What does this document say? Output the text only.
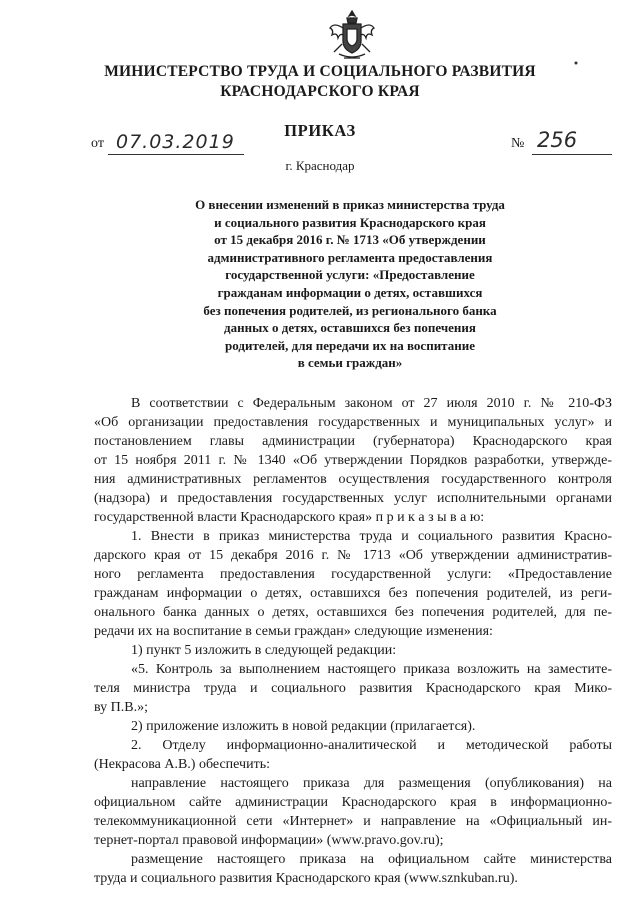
МИНИСТЕРСТВО ТРУДА И СОЦИАЛЬНОГО РАЗВИТИЯ
КРАСНОДАРСКОГО КРАЯ
ПРИКАЗ
от 07.03.2019	№ 256
г. Краснодар
О внесении изменений в приказ министерства труда
и социального развития Краснодарского края
от 15 декабря 2016 г. № 1713 «Об утверждении
административного регламента предоставления
государственной услуги: «Предоставление
гражданам информации о детях, оставшихся
без попечения родителей, из регионального банка
данных о детях, оставшихся без попечения
родителей, для передачи их на воспитание
в семьи граждан»

В соответствии с Федеральным законом от 27 июля 2010 г. № 210-ФЗ

«Об организации предоставления государственных и муниципальных услуг» и

постановлением главы администрации (губернатора) Краснодарского края

от 15 ноября 2011 г. № 1340 «Об утверждении Порядков разработки, утвержде-

ния административных регламентов осуществления государственного контроля

(надзора) и предоставления государственных услуг исполнительными органами

государственной власти Краснодарского края» п р и к а з ы в а ю:

1. Внести в приказ министерства труда и социального развития Красно-

дарского края от 15 декабря 2016 г. № 1713 «Об утверждении административ-

ного регламента предоставления государственной услуги: «Предоставление

гражданам информации о детях, оставшихся без попечения родителей, из реги-

онального банка данных о детях, оставшихся без попечения родителей, для пе-

редачи их на воспитание в семьи граждан» следующие изменения:

1) пункт 5 изложить в следующей редакции:

«5. Контроль за выполнением настоящего приказа возложить на заместите-

теля министра труда и социального развития Краснодарского края Мико-

ву П.В.»;

2) приложение изложить в новой редакции (прилагается).

2. Отделу информационно-аналитической и методической работы

(Некрасова А.В.) обеспечить:

направление настоящего приказа для размещения (опубликования) на

официальном сайте администрации Краснодарского края в информационно-

телекоммуникационной сети «Интернет» и направление на «Официальный ин-

тернет-портал правовой информации» (www.pravo.gov.ru);

размещение настоящего приказа на официальном сайте министерства

труда и социального развития Краснодарского края (www.sznkuban.ru).
